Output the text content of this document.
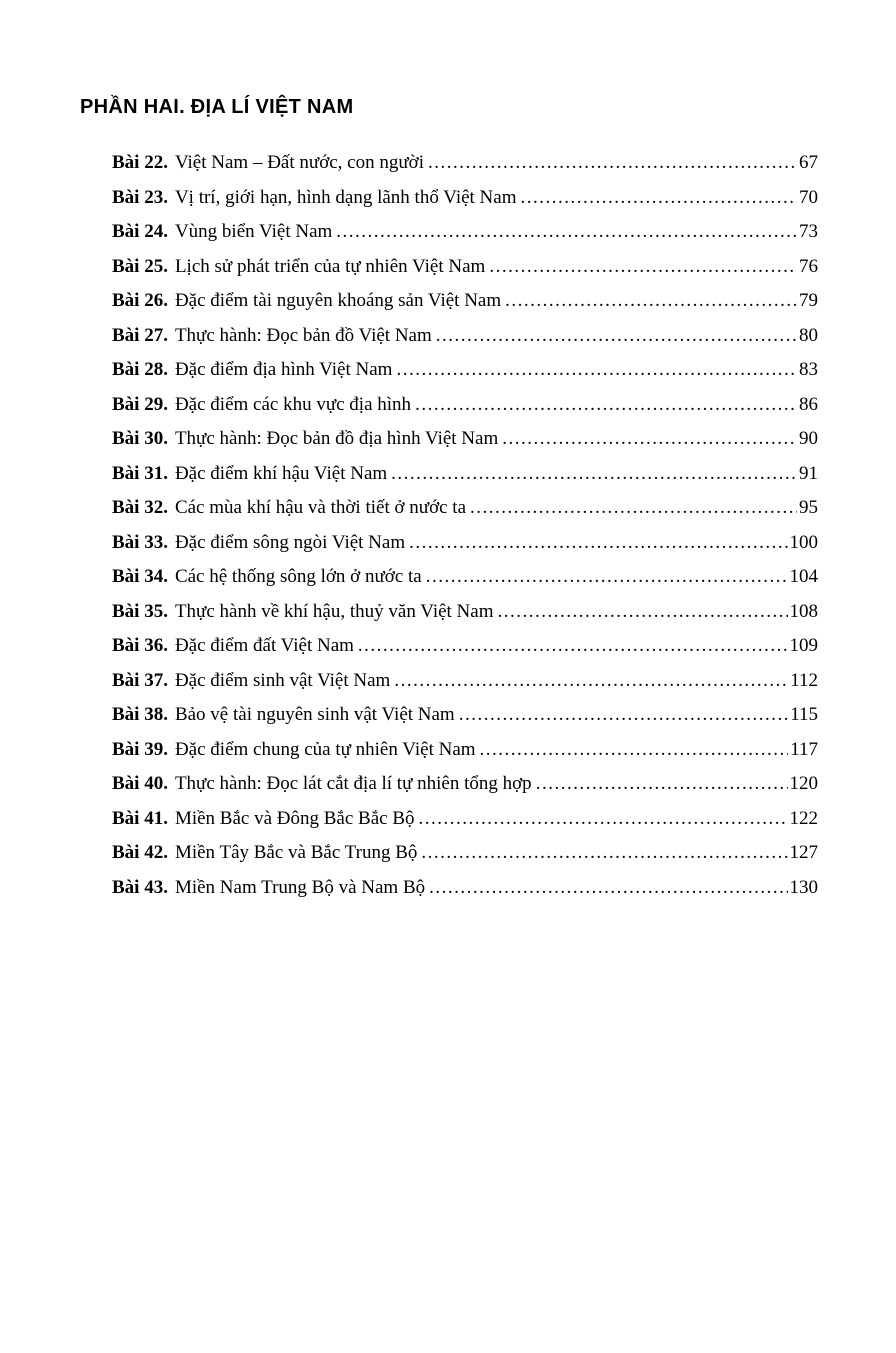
PHẦN HAI. ĐỊA LÍ VIỆT NAM
Bài 22. Việt Nam – Đất nước, con người .....	67
Bài 23. Vị trí, giới hạn, hình dạng lãnh thổ Việt Nam .....	70
Bài 24. Vùng biển Việt Nam .....	73
Bài 25. Lịch sử phát triển của tự nhiên Việt Nam .....	76
Bài 26. Đặc điểm tài nguyên khoáng sản Việt Nam .....	79
Bài 27. Thực hành: Đọc bản đồ Việt Nam .....	80
Bài 28. Đặc điểm địa hình Việt Nam .....	83
Bài 29. Đặc điểm các khu vực địa hình .....	86
Bài 30. Thực hành: Đọc bản đồ địa hình Việt Nam .....	90
Bài 31. Đặc điểm khí hậu Việt Nam .....	91
Bài 32. Các mùa khí hậu và thời tiết ở nước ta .....	95
Bài 33. Đặc điểm sông ngòi Việt Nam .....	100
Bài 34. Các hệ thống sông lớn ở nước ta .....	104
Bài 35. Thực hành về khí hậu, thuỷ văn Việt Nam .....	108
Bài 36. Đặc điểm đất Việt Nam .....	109
Bài 37. Đặc điểm sinh vật Việt Nam .....	112
Bài 38. Bảo vệ tài nguyên sinh vật Việt Nam .....	115
Bài 39. Đặc điểm chung của tự nhiên Việt Nam .....	117
Bài 40. Thực hành: Đọc lát cắt địa lí tự nhiên tổng hợp .....	120
Bài 41. Miền Bắc và Đông Bắc Bắc Bộ .....	122
Bài 42. Miền Tây Bắc và Bắc Trung Bộ .....	127
Bài 43. Miền Nam Trung Bộ và Nam Bộ .....	130
